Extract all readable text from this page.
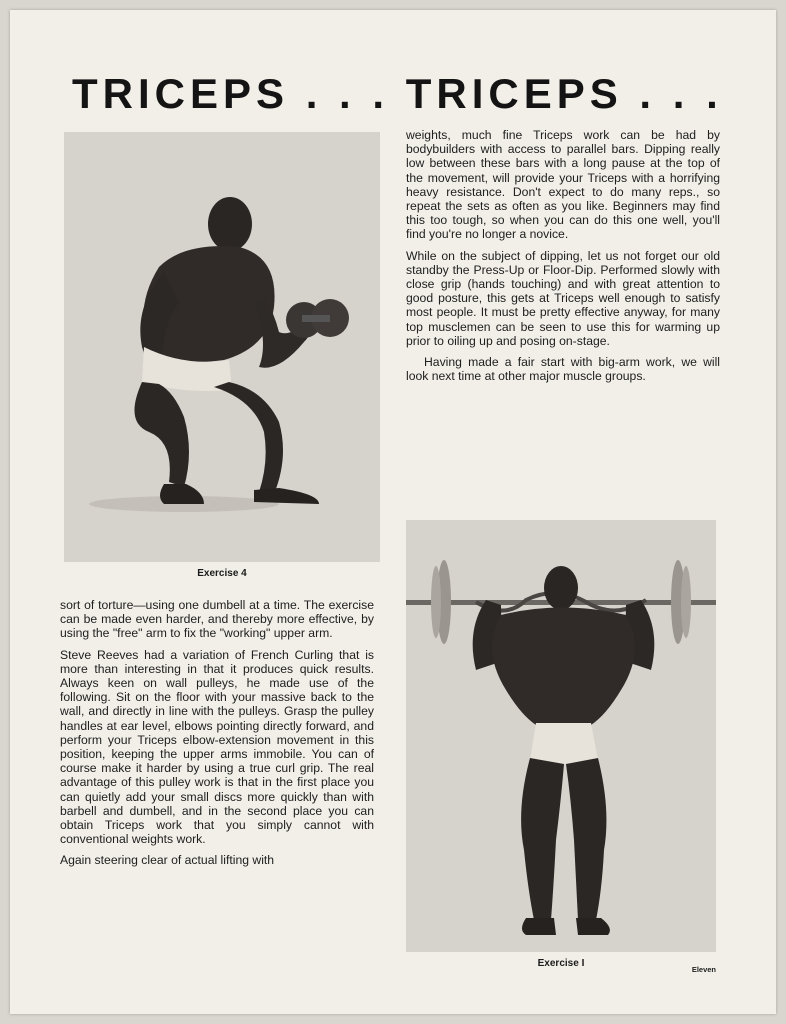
TRICEPS . . . TRICEPS . . .

Exercise 4

sort of torture—using one dumbell at a time. The exercise can be made even harder, and thereby more effective, by using the "free" arm to fix the "working" upper arm.

Steve Reeves had a variation of French Curling that is more than interesting in that it produces quick results. Always keen on wall pulleys, he made use of the following. Sit on the floor with your massive back to the wall, and directly in line with the pulleys. Grasp the pulley handles at ear level, elbows pointing directly forward, and perform your Triceps elbow-extension movement in this position, keeping the upper arms immobile. You can of course make it harder by using a true curl grip. The real advantage of this pulley work is that in the first place you can quietly add your small discs more quickly than with barbell and dumbell, and in the second place you can obtain Triceps work that you simply cannot with conventional weights work.

Again steering clear of actual lifting with

weights, much fine Triceps work can be had by bodybuilders with access to parallel bars. Dipping really low between these bars with a long pause at the top of the movement, will provide your Triceps with a horrifying heavy resistance. Don't expect to do many reps., so repeat the sets as often as you like. Beginners may find this too tough, so when you can do this one well, you'll find you're no longer a novice.

While on the subject of dipping, let us not forget our old standby the Press-Up or Floor-Dip. Performed slowly with close grip (hands touching) and with great attention to good posture, this gets at Triceps well enough to satisfy most people. It must be pretty effective anyway, for many top musclemen can be seen to use this for warming up prior to oiling up and posing on-stage.

Having made a fair start with big-arm work, we will look next time at other major muscle groups.

Exercise I

Eleven
